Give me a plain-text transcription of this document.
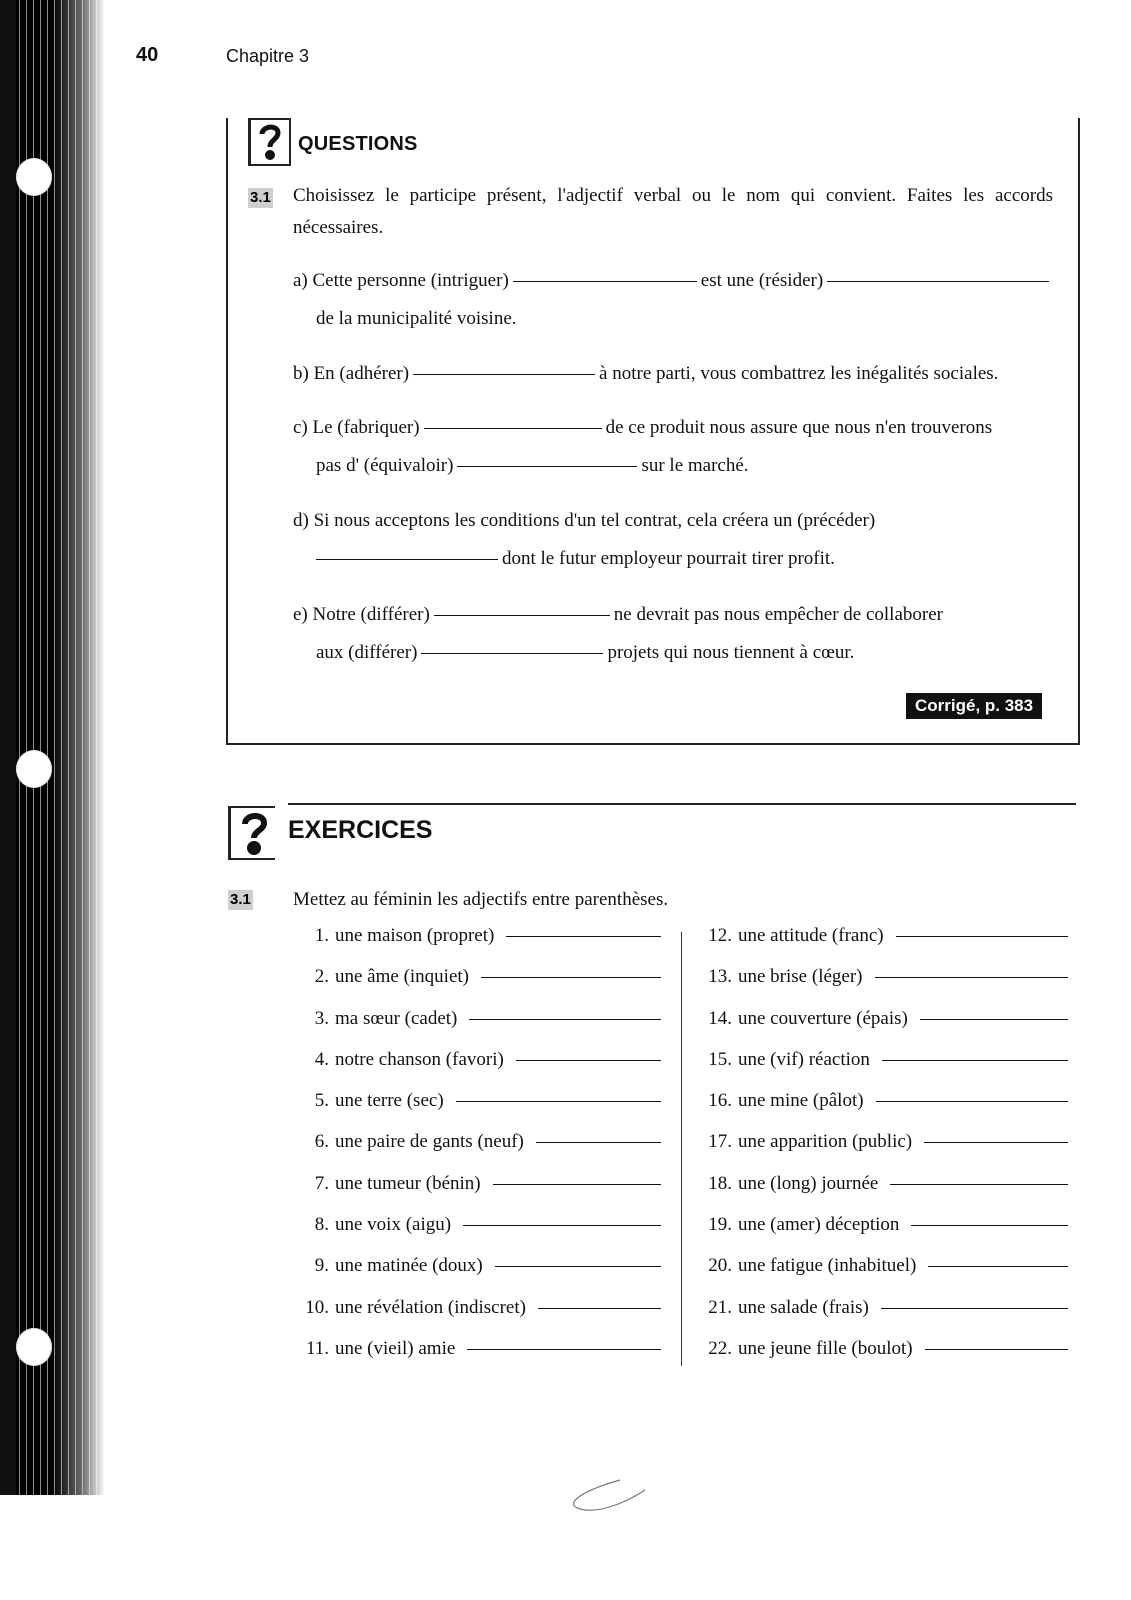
40	Chapitre 3
QUESTIONS
3.1 Choisissez le participe présent, l'adjectif verbal ou le nom qui convient. Faites les accords nécessaires.
a) Cette personne (intriguer)	est une (résider)
de la municipalité voisine.
b) En (adhérer)	à notre parti, vous combattrez les inégalités sociales.
c) Le (fabriquer)	de ce produit nous assure que nous n'en trouverons
pas d' (équivaloir)	sur le marché.
d) Si nous acceptons les conditions d'un tel contrat, cela créera un (précéder)
dont le futur employeur pourrait tirer profit.
e) Notre (différer)	ne devrait pas nous empêcher de collaborer
aux (différer)	projets qui nous tiennent à cœur.
Corrigé, p. 383
EXERCICES
3.1 Mettez au féminin les adjectifs entre parenthèses.
1. une maison (propret)
2. une âme (inquiet)
3. ma sœur (cadet)
4. notre chanson (favori)
5. une terre (sec)
6. une paire de gants (neuf)
7. une tumeur (bénin)
8. une voix (aigu)
9. une matinée (doux)
10. une révélation (indiscret)
11. une (vieil) amie
12. une attitude (franc)
13. une brise (léger)
14. une couverture (épais)
15. une (vif) réaction
16. une mine (pâlot)
17. une apparition (public)
18. une (long) journée
19. une (amer) déception
20. une fatigue (inhabituel)
21. une salade (frais)
22. une jeune fille (boulot)
